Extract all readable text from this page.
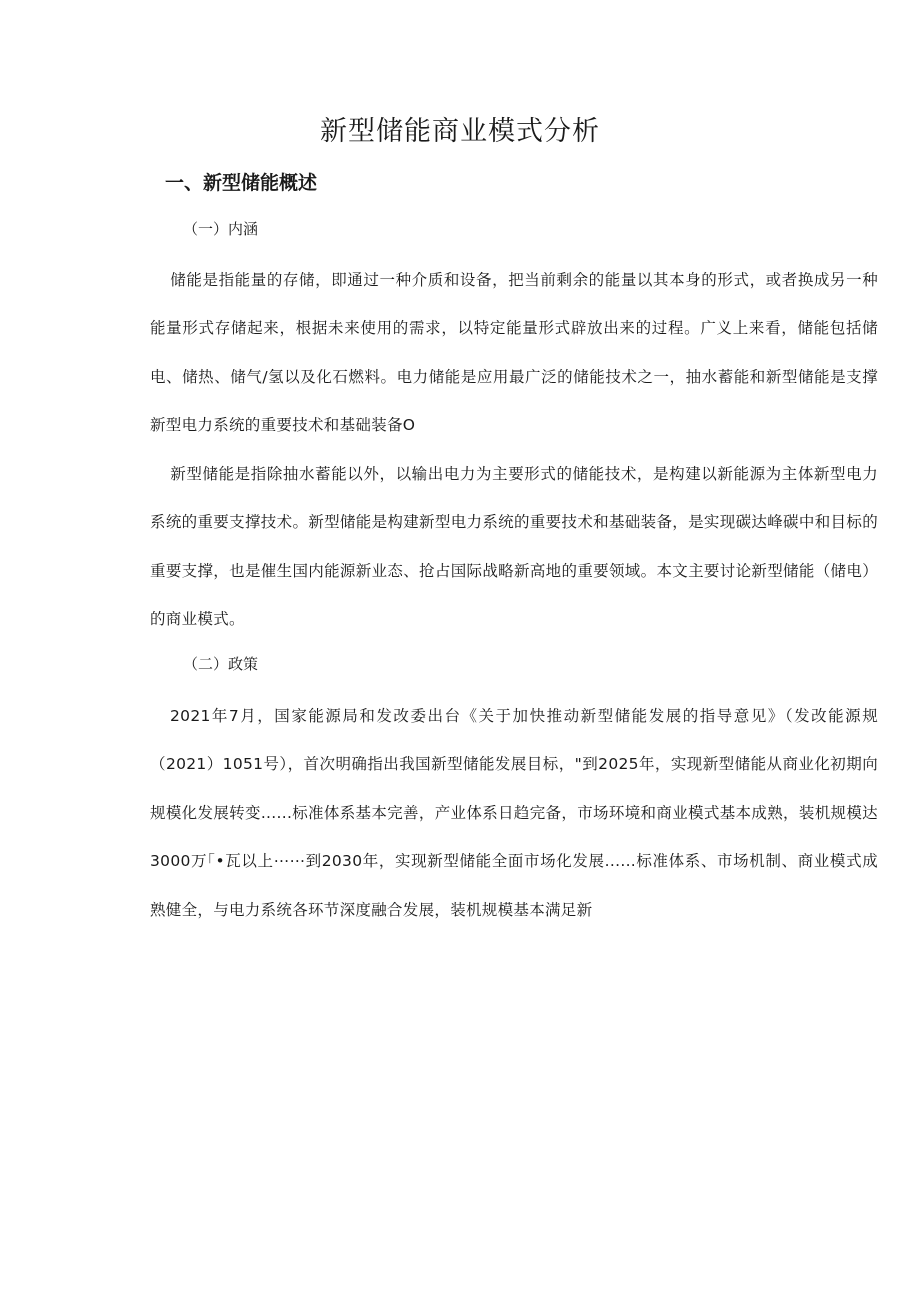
新型储能商业模式分析
一、新型储能概述
（一）内涵

储能是指能量的存储，即通过一种介质和设备，把当前剩余的能量以其本身的形式，或者换成另一种能量形式存储起来，根据未来使用的需求，以特定能量形式辟放出来的过程。广义上来看，储能包括储电、储热、储气/氢以及化石燃料。电力储能是应用最广泛的储能技术之一，抽水蓄能和新型储能是支撑新型电力系统的重要技术和基础装备O

新型储能是指除抽水蓄能以外，以输出电力为主要形式的储能技术，是构建以新能源为主体新型电力系统的重要支撑技术。新型储能是构建新型电力系统的重要技术和基础装备，是实现碳达峰碳中和目标的重要支撑，也是催生国内能源新业态、抢占国际战略新高地的重要领域。本文主要讨论新型储能（储电）的商业模式。

（二）政策

2021年7月，国家能源局和发改委出台《关于加快推动新型储能发展的指导意见》（发改能源规（2021）1051号），首次明确指出我国新型储能发展目标，"到2025年，实现新型储能从商业化初期向规模化发展转变......标准体系基本完善，产业体系日趋完备，市场环境和商业模式基本成熟，装机规模达3000万｢•瓦以上⋯⋯到2030年，实现新型储能全面市场化发展......标准体系、市场机制、商业模式成熟健全，与电力系统各环节深度融合发展，装机规模基本满足新
